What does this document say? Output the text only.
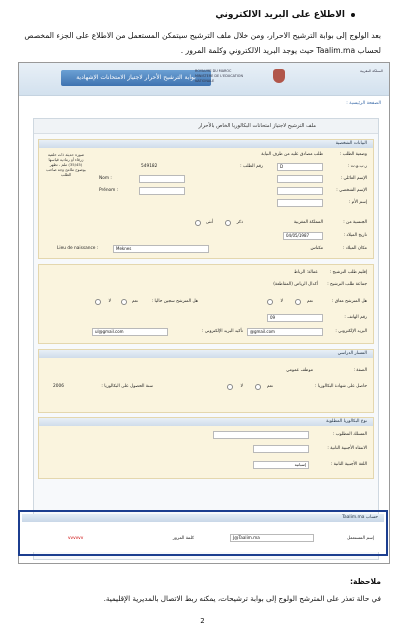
الاطلاع على البريد الالكتروني
بعد الولوج إلى بوابة الترشيح الاحرار، ومن خلال ملف الترشيح سيتمكن المستعمل من الاطلاع على الجزء المخصص لحساب Taalim.ma حيث يوجد البريد الالكتروني وكلمة المرور .
بوابة الترشيح الأحرار لاجتياز الامتحانات الإشهادية
ROYAUME DU MAROC
MINISTERE DE L'EDUCATION
NATIONALE
المملكة المغربية
الصفحة الرئيسية :
ملف الترشيح لاجتياز امتحانات البكالوريا الخاص بالأحرار
البيانات الشخصية
صورة حديثة ذات خلفية زرقاء أو رمادية قياسها (35/45) ملم ، تظهر بوضوح ملامح وجه صاحب الطلب
وضعية الطلب :
طلب مصادق عليه من طرف النيابة
ر.ب.و.ت :
D
رقم الطلب :
549182
الإسم العائلي :
Nom :
الإسم الشخصي :
Prénom :
إسم الأم :
الجنسية من :
المملكة المغربية
ذكر
أنثى
تاريخ الميلاد :
04/05/1987
مكان الميلاد :
مكناس
Lieu de naissance :	Meknes
إقليم طلب الترشيح :
عمالة: الرباط
جماعة طلب الترشيح :
أكدال الرياض (المقاطعة)
هل المترشح معاق :
نعم
لا
هل المترشح سجين حاليا :
نعم
لا
رقم الهاتف :
09
البريد الإلكتروني :
@gmail.com
تأكيد البريد الإلكتروني :
ul@gmail.com
المسار الدراسي
الصفة :
موظف عمومي
حاصل على شهادة البكالوريا :
نعم
لا
سنة الحصول على البكالوريا :
2006
نوع البكالوريا المطلوبة
المسلك المطلوب :
الانتقاء الأجنبية الثانية :
اللغة الأجنبية الثانية :
إسبانية
حساب Taalim.ma
إسم المستعمل
J@Taalim.ma
كلمة المرور
vvvvvv
ملاحظة:
في حالة تعذر على المترشح الولوج إلى بوابة ترشيحات، يمكنه ربط الاتصال بالمديرية الإقليمية.
2
